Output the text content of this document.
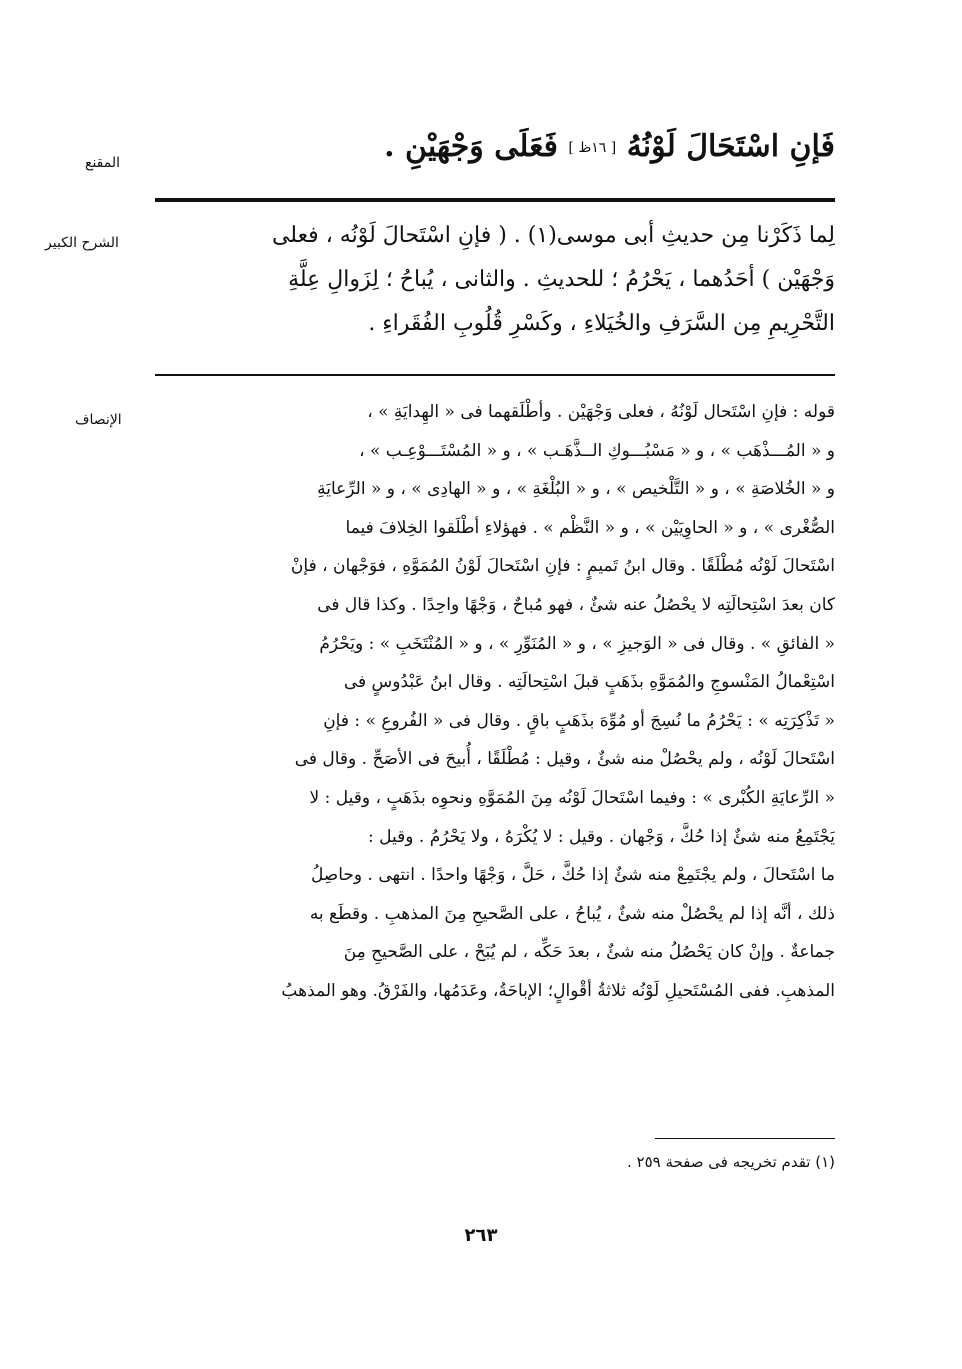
المقنع	فَإنِ اسْتَحَالَ لَوْنُهُ [ ١٦ظ ] فَعَلَى وَجْهَيْنِ .
الشرح الكبير	لِما ذَكَرْنا مِن حديثِ أبى موسى(١) . ( فإنِ اسْتَحالَ لَوْنُه ، فعلى
وَجْهَيْن ) أحَدُهما ، يَحْرُمُ ؛ للحديثِ . والثانى ، يُباحُ ؛ لِزَوالِ عِلَّةِ
التَّحْرِيمِ مِن السَّرَفِ والخُيَلاءِ ، وكَسْرِ قُلُوبِ الفُقَراءِ .
الإنصاف	قوله : فإنِ اسْتَحال لَوْنُهُ ، فعلى وَجْهَيْن . وأطْلَقهما فى « الهِدايَةِ » ،
و « المُـــذْهَب » ، و « مَسْبُـــوكِ الــذَّهَـب » ، و « المُسْتَـــوْعِـب » ،
و « الخُلاصَةِ » ، و « التَّلْخيص » ، و « البُلْغَةِ » ، و « الهادِى » ، و « الرِّعايَةِ
الصُّغْرى » ، و « الحاوِيَيْن » ، و « النَّظْم » . فهؤلاءِ أطْلَقوا الخِلافَ فيما
اسْتَحالَ لَوْنُه مُطْلَقًا . وقال ابنُ تَميمٍ : فإنِ اسْتَحالَ لَوْنُ المُمَوَّهِ ، فوَجْهان ، فإنْ
كان بعدَ اسْتِحالَتِه لا يحْصُلُ عنه شئٌ ، فهو مُباحٌ ، وَجْهًا واحِدًا . وكذا قال فى
« الفائقِ » . وقال فى « الوَجيزِ » ، و « المُنَوِّرِ » ، و « المُنْتَخَبِ » : ويَحْرُمُ
اسْتِعْمالُ المَنْسوجِ والمُمَوَّهِ بذَهَبٍ قبلَ اسْتِحالَتِه . وقال ابنُ عَبْدُوسٍ فى
« تَذْكِرَتِه » : يَحْرُمُ ما نُسِجَ أو مُوِّهَ بذَهَبٍ باقٍ . وقال فى « الفُروعِ » : فإنِ
اسْتَحالَ لَوْنُه ، ولم يحْصُلْ منه شئٌ ، وقيل : مُطْلَقًا ، أُبيحَ فى الأصَحِّ . وقال فى
« الرِّعايَةِ الكُبْرى » : وفيما اسْتَحالَ لَوْنُه مِنَ المُمَوَّهِ ونحوِه بذَهَبٍ ، وقيل : لا
يَجْتَمِعُ منه شئٌ إذا حُكَّ ، وَجْهان . وقيل : لا يُكْرَهُ ، ولا يَحْرُمُ . وقيل :
ما اسْتَحالَ ، ولم يجْتَمِعْ منه شئٌ إذا حُكَّ ، حَلَّ ، وَجْهًا واحدًا . انتهى . وحاصِلُ
ذلك ، أنَّه إذا لم يحْصُلْ منه شئٌ ، يُباحُ ، على الصَّحيحِ مِنَ المذهبِ . وقطَع به
جماعةٌ . وإنْ كان يَحْصُلُ منه شئٌ ، بعدَ حَكِّه ، لم يُبَحْ ، على الصَّحيحِ مِنَ
المذهبِ. ففى المُسْتَحيلِ لَوْنُه ثلاثةُ أقْوالٍ؛ الإباحَةُ، وعَدَمُها، والفَرْقُ. وهو المذهبُ
(١) تقدم تخريجه فى صفحة ٢٥٩ .
٢٦٣
